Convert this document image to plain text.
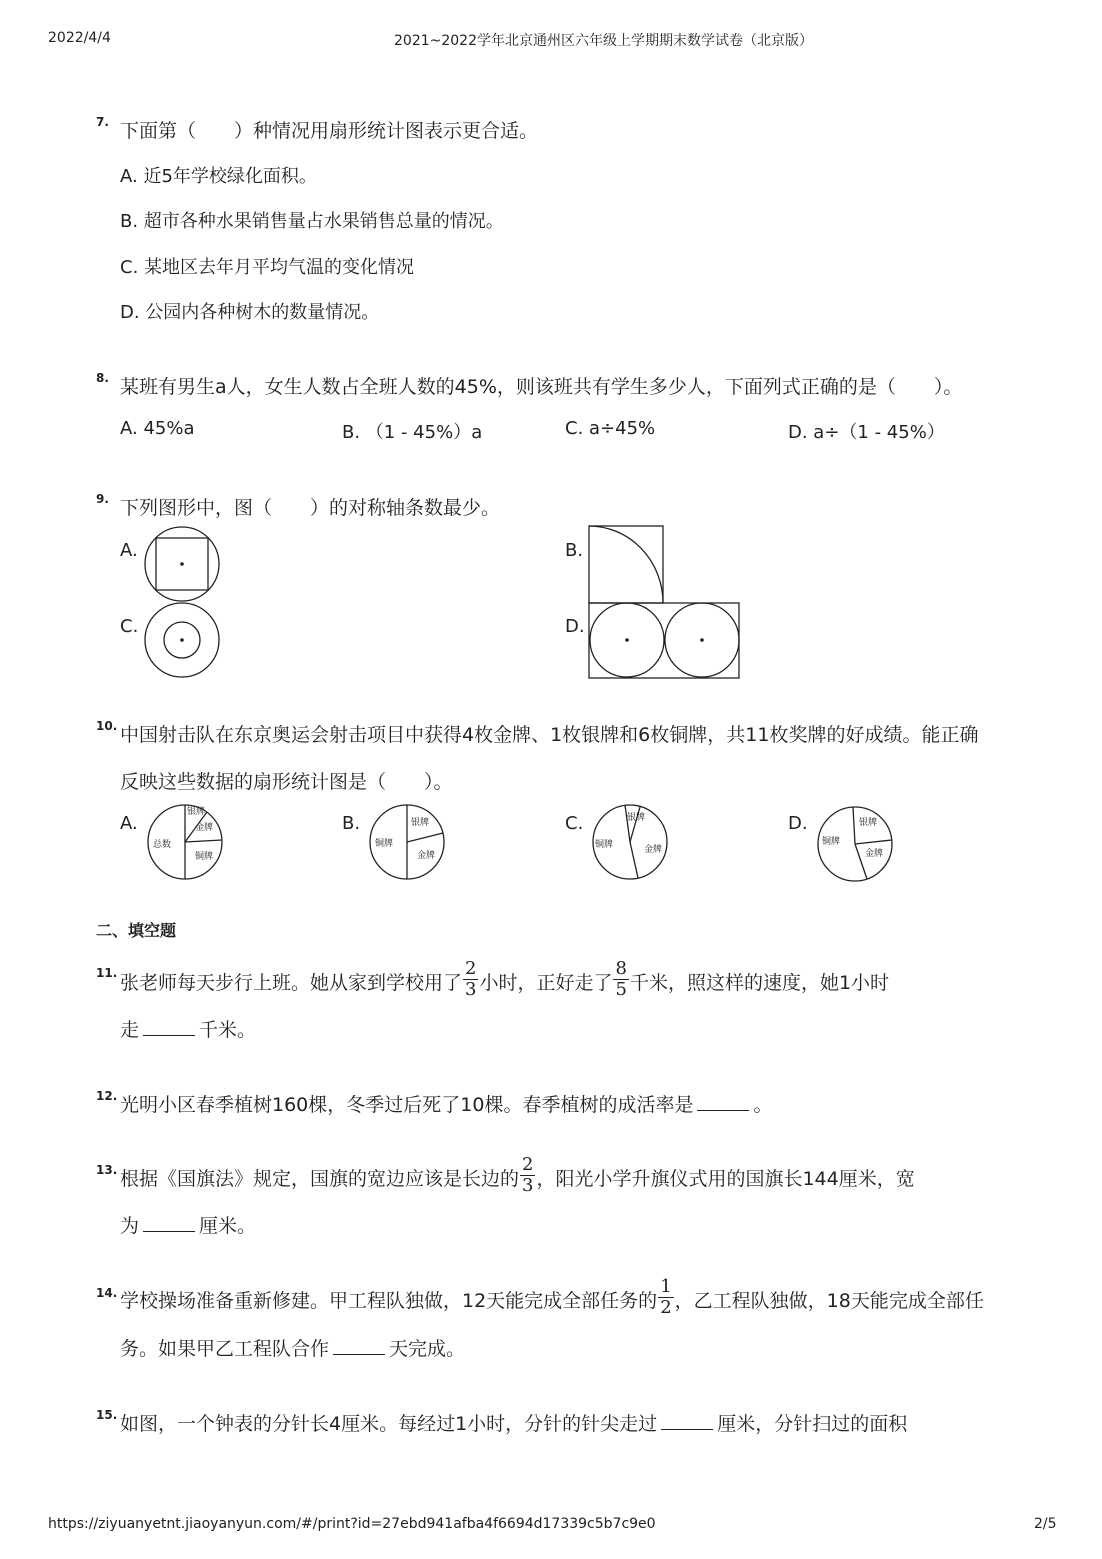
2022/4/4	2021~2022学年北京通州区六年级上学期期末数学试卷（北京版）
7. 下面第（　　）种情况用扇形统计图表示更合适。
A. 近5年学校绿化面积。
B. 超市各种水果销售量占水果销售总量的情况。
C. 某地区去年月平均气温的变化情况
D. 公园内各种树木的数量情况。
8. 某班有男生a人，女生人数占全班人数的45%，则该班共有学生多少人，下面列式正确的是（　　）。
A. 45%a	B. （1 - 45%）a	C. a÷45%	D. a÷（1 - 45%）
9. 下列图形中，图（　　）的对称轴条数最少。
A.	B.
C.	D.
10. 中国射击队在东京奥运会射击项目中获得4枚金牌、1枚银牌和6枚铜牌，共11枚奖牌的好成绩。能正确
反映这些数据的扇形统计图是（　　）。
A.	B.	C.	D.
银牌
金牌
总数
铜牌
银牌
铜牌
金牌
银牌
铜牌	金牌
银牌
铜牌
金牌
二、填空题
11. 张老师每天步行上班。她从家到学校用了 $\frac{2}{3}$ 小时，正好走了 $\frac{8}{5}$ 千米，照这样的速度，她1小时
走	千米。
12. 光明小区春季植树160棵，冬季过后死了10棵。春季植树的成活率是	。
13. 根据《国旗法》规定，国旗的宽边应该是长边的 $\frac{2}{3}$ ，阳光小学升旗仪式用的国旗长144厘米，宽
为	厘米。
14. 学校操场准备重新修建。甲工程队独做，12天能完成全部任务的 $\frac{1}{2}$ ，乙工程队独做，18天能完成全部任
务。如果甲乙工程队合作	天完成。
15. 如图，一个钟表的分针长4厘米。每经过1小时，分针的针尖走过	厘米，分针扫过的面积
https://ziyuanyetnt.jiaoyanyun.com/#/print?id=27ebd941afba4f6694d17339c5b7c9e0	2/5
